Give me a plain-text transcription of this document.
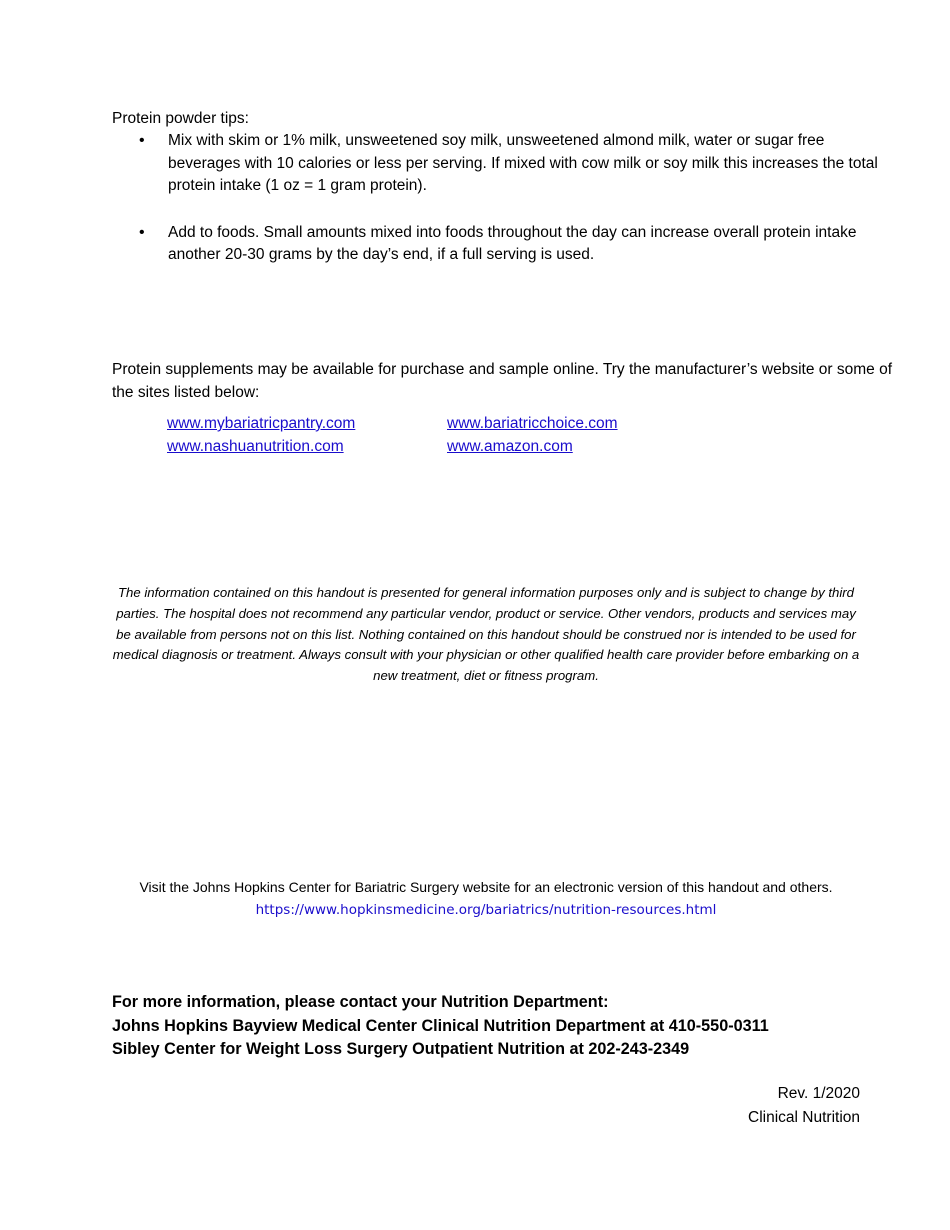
Protein powder tips:
• Mix with skim or 1% milk, unsweetened soy milk, unsweetened almond milk, water or sugar free beverages with 10 calories or less per serving. If mixed with cow milk or soy milk this increases the total protein intake (1 oz = 1 gram protein).
• Add to foods. Small amounts mixed into foods throughout the day can increase overall protein intake another 20-30 grams by the day’s end, if a full serving is used.
Protein supplements may be available for purchase and sample online. Try the manufacturer’s website or some of the sites listed below:
www.mybariatricpantry.com	www.bariatricchoice.com
www.nashuanutrition.com	www.amazon.com
The information contained on this handout is presented for general information purposes only and is subject to change by third parties. The hospital does not recommend any particular vendor, product or service. Other vendors, products and services may be available from persons not on this list. Nothing contained on this handout should be construed nor is intended to be used for medical diagnosis or treatment. Always consult with your physician or other qualified health care provider before embarking on a new treatment, diet or fitness program.
Visit the Johns Hopkins Center for Bariatric Surgery website for an electronic version of this handout and others.
https://www.hopkinsmedicine.org/bariatrics/nutrition-resources.html
For more information, please contact your Nutrition Department:
Johns Hopkins Bayview Medical Center Clinical Nutrition Department at 410-550-0311
Sibley Center for Weight Loss Surgery Outpatient Nutrition at 202-243-2349
Rev. 1/2020
Clinical Nutrition
